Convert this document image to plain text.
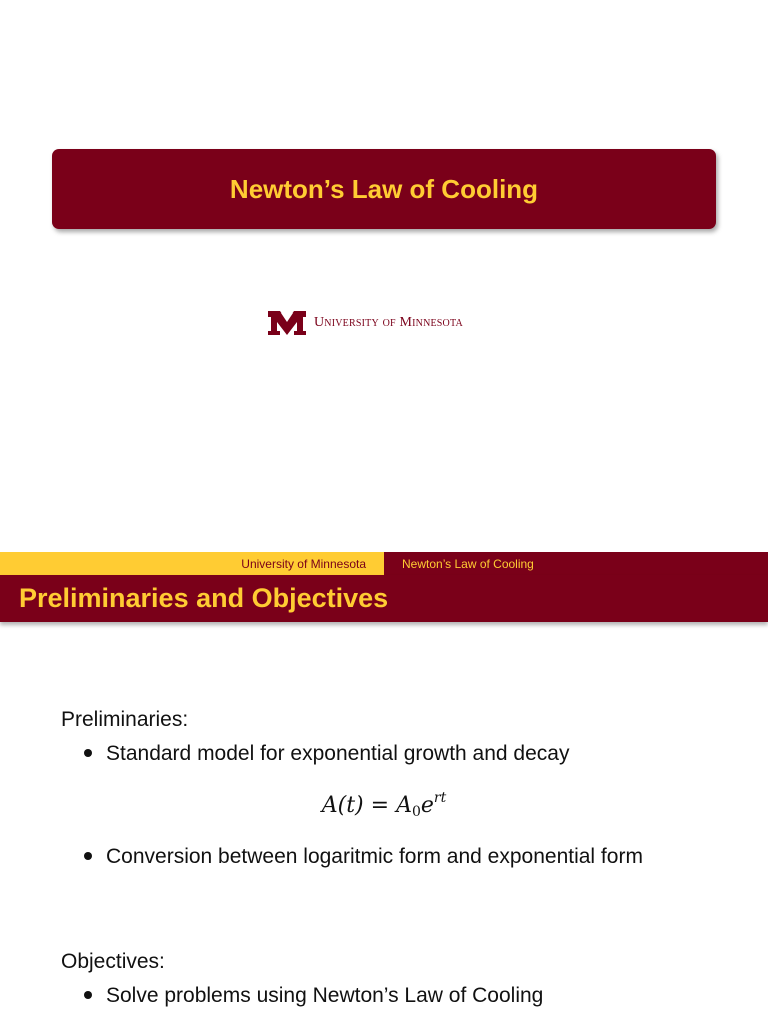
Newton’s Law of Cooling
University of Minnesota
University of Minnesota	Newton’s Law of Cooling
Preliminaries and Objectives
Preliminaries:
Standard model for exponential growth and decay
$A(t) = A_0e^{rt}$
Conversion between logaritmic form and exponential form
Objectives:
Solve problems using Newton’s Law of Cooling
